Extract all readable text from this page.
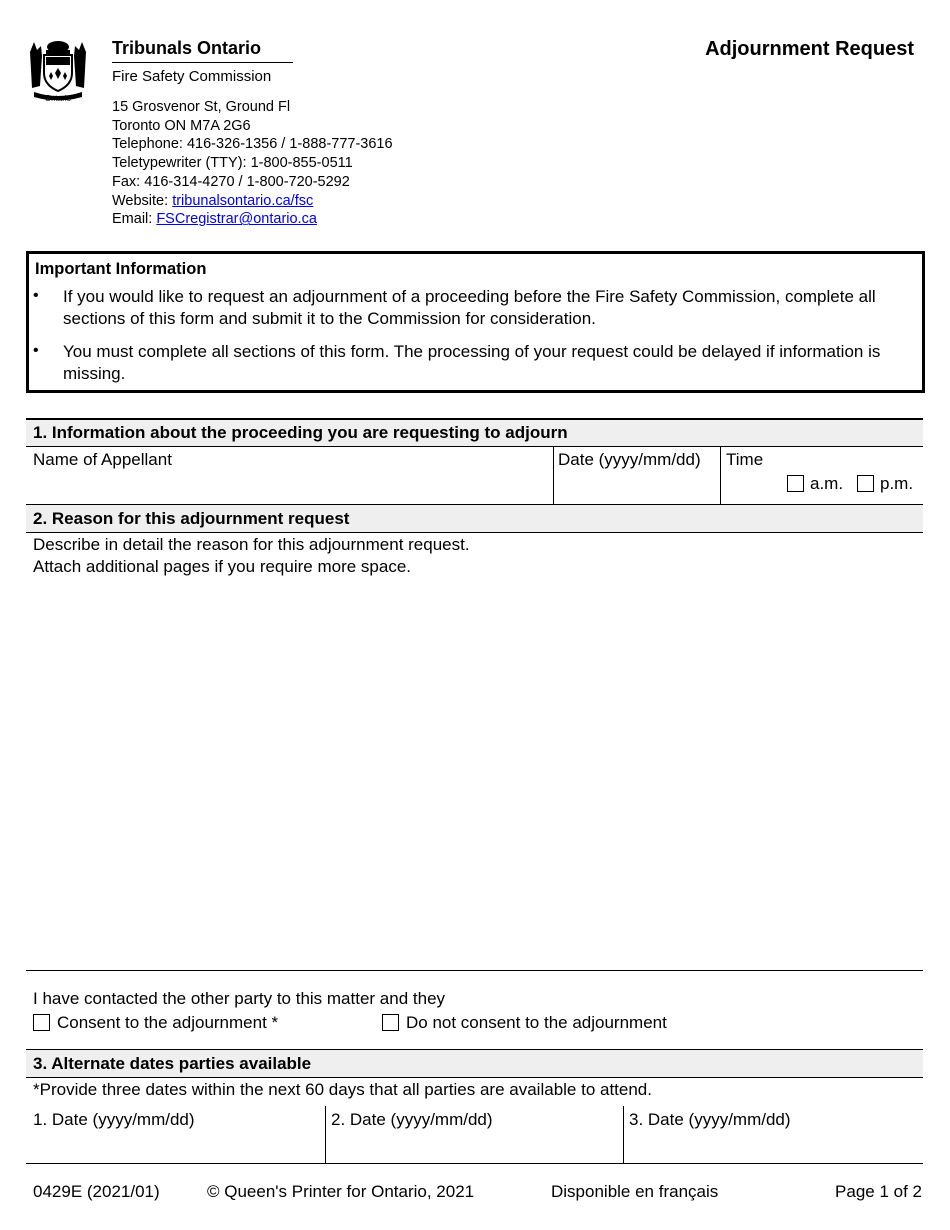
Ontario
Tribunals Ontario
Fire Safety Commission
Adjournment Request
15 Grosvenor St, Ground Fl
Toronto ON M7A 2G6
Telephone: 416-326-1356 / 1-888-777-3616
Teletypewriter (TTY): 1-800-855-0511
Fax: 416-314-4270 / 1-800-720-5292
Website: tribunalsontario.ca/fsc
Email: FSCregistrar@ontario.ca
Important Information
• If you would like to request an adjournment of a proceeding before the Fire Safety Commission, complete all sections of this form and submit it to the Commission for consideration.
• You must complete all sections of this form. The processing of your request could be delayed if information is missing.
1. Information about the proceeding you are requesting to adjourn
Name of Appellant	Date (yyyy/mm/dd) Time
a.m. p.m.
2. Reason for this adjournment request
Describe in detail the reason for this adjournment request.
Attach additional pages if you require more space.
I have contacted the other party to this matter and they
Consent to the adjournment *	Do not consent to the adjournment
3. Alternate dates parties available
*Provide three dates within the next 60 days that all parties are available to attend.
1. Date (yyyy/mm/dd)	2. Date (yyyy/mm/dd)	3. Date (yyyy/mm/dd)
0429E (2021/01)	© Queen's Printer for Ontario, 2021	Disponible en français	Page 1 of 2
